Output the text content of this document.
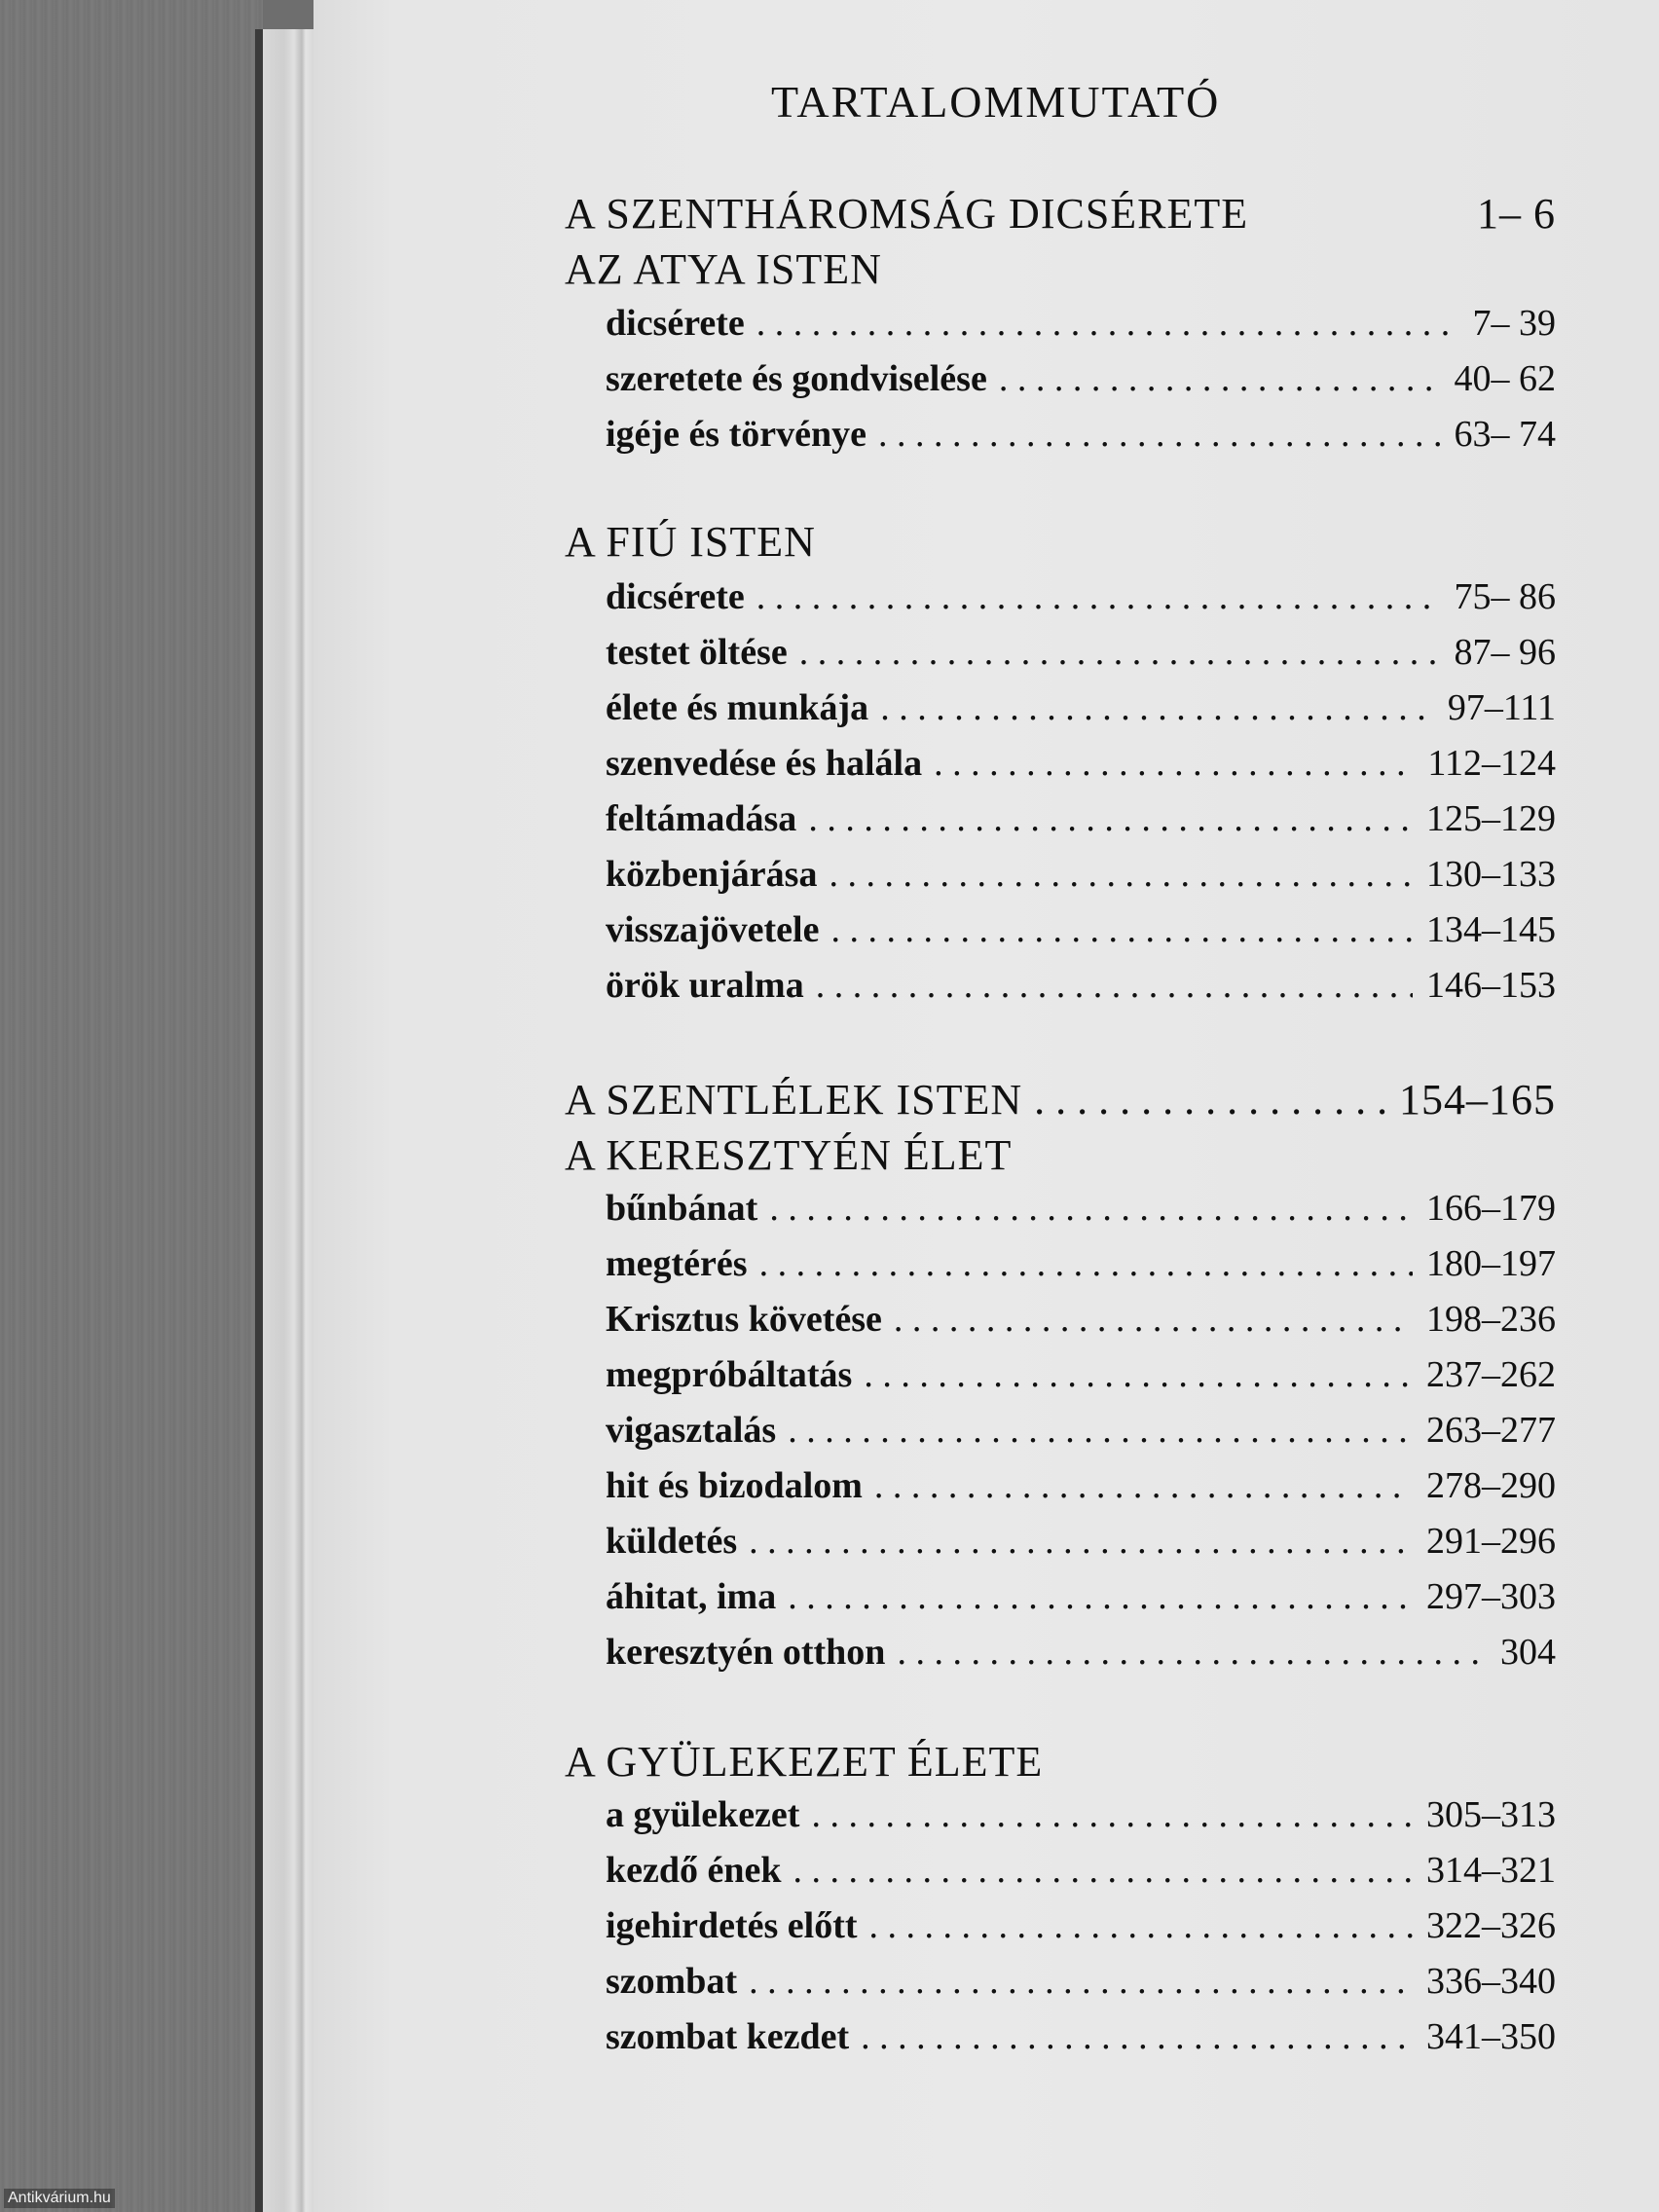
TARTALOMMUTATÓ
A SZENTHÁROMSÁG DICSÉRETE	1– 6
AZ ATYA ISTEN
dicsérete . . .	7– 39
szeretete és gondviselése . . .	40– 62
igéje és törvénye . . .	63– 74
A FIÚ ISTEN
dicsérete . . .	75– 86
testet öltése . . .	87– 96
élete és munkája . . .	97–111
szenvedése és halála . . .	112–124
feltámadása . . .	125–129
közbenjárása . . .	130–133
visszajövetele . . .	134–145
örök uralma . . .	146–153
A SZENTLÉLEK ISTEN . . .	154–165
A KERESZTYÉN ÉLET
bűnbánat . . .	166–179
megtérés . . .	180–197
Krisztus követése . . .	198–236
megpróbáltatás . . .	237–262
vigasztalás . . .	263–277
hit és bizodalom . . .	278–290
küldetés . . .	291–296
áhitat, ima . . .	297–303
keresztyén otthon . . .	304
A GYÜLEKEZET ÉLETE
a gyülekezet . . .	305–313
kezdő ének . . .	314–321
igehirdetés előtt . . .	322–326
szombat . . .	336–340
szombat kezdet . . .	341–350
Antikvárium.hu
